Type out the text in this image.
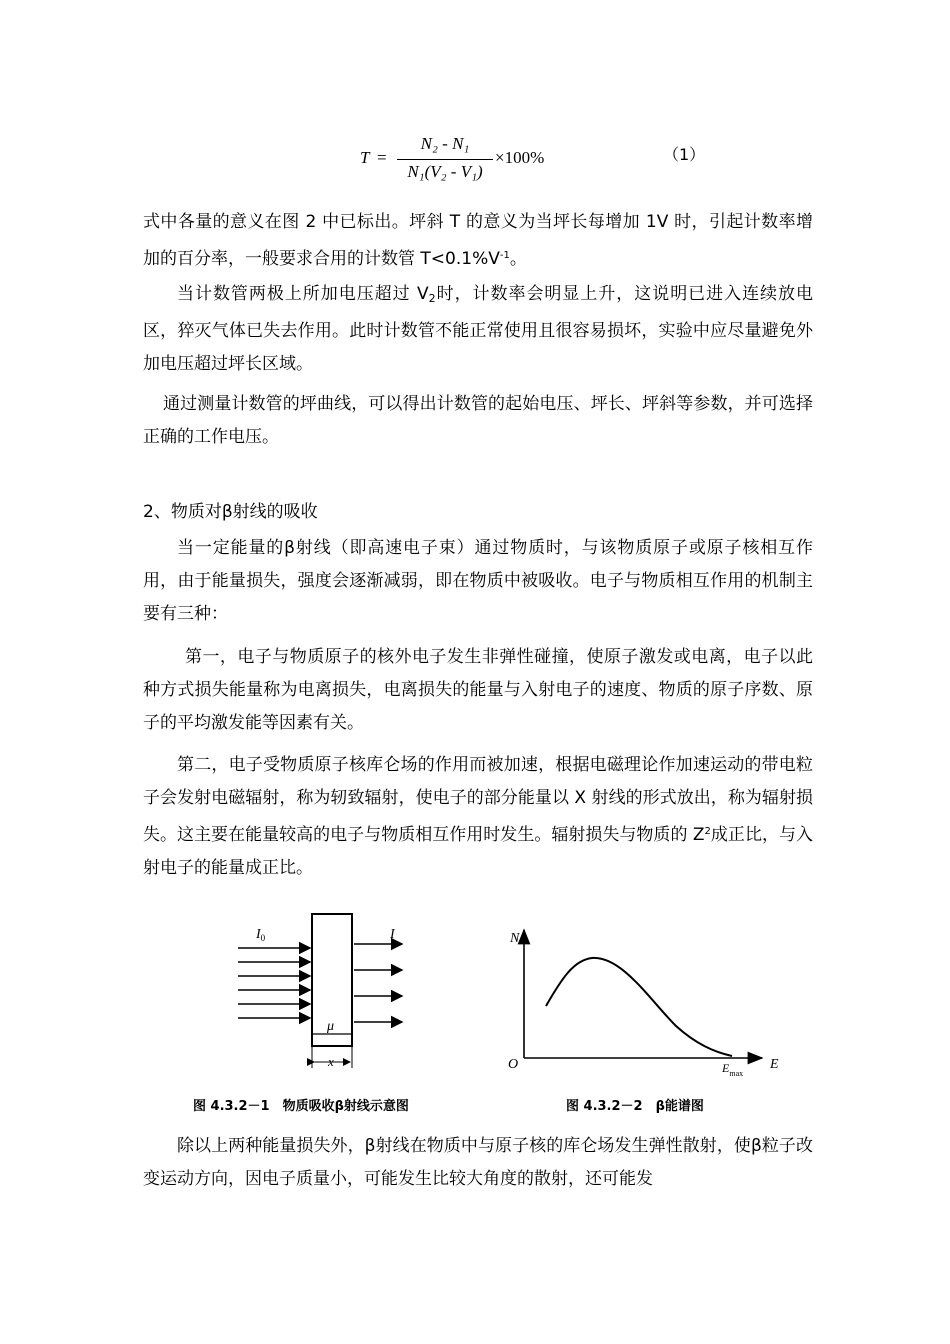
T =
N₂ - N₁
N₁(V₂ - V₁)
×100%	（1）
式中各量的意义在图 2 中已标出。坪斜 T 的意义为当坪长每增加 1V 时，引起计数率增加的百分率，一般要求合用的计数管 $T<0.1\%V^{-1}$。
当计数管两极上所加电压超过 $V_2$时，计数率会明显上升，这说明已进入连续放电区，猝灭气体已失去作用。此时计数管不能正常使用且很容易损坏，实验中应尽量避免外加电压超过坪长区域。
通过测量计数管的坪曲线，可以得出计数管的起始电压、坪长、坪斜等参数，并可选择正确的工作电压。
2、物质对β射线的吸收
当一定能量的β射线（即高速电子束）通过物质时，与该物质原子或原子核相互作用，由于能量损失，强度会逐渐减弱，即在物质中被吸收。电子与物质相互作用的机制主要有三种：
第一，电子与物质原子的核外电子发生非弹性碰撞，使原子激发或电离，电子以此种方式损失能量称为电离损失，电离损失的能量与入射电子的速度、物质的原子序数、原子的平均激发能等因素有关。
第二，电子受物质原子核库仑场的作用而被加速，根据电磁理论作加速运动的带电粒子会发射电磁辐射，称为轫致辐射，使电子的部分能量以 X 射线的形式放出，称为辐射损失。这主要在能量较高的电子与物质相互作用时发生。辐射损失与物质的 $Z^2$成正比，与入射电子的能量成正比。
$I_0$	I
μ
x
图 4.3.2－1　物质吸收β射线示意图
N
E
O	$E_{max}$
图 4.3.2－2　β能谱图
除以上两种能量损失外，β射线在物质中与原子核的库仑场发生弹性散射，使β粒子改变运动方向，因电子质量小，可能发生比较大角度的散射，还可能发
